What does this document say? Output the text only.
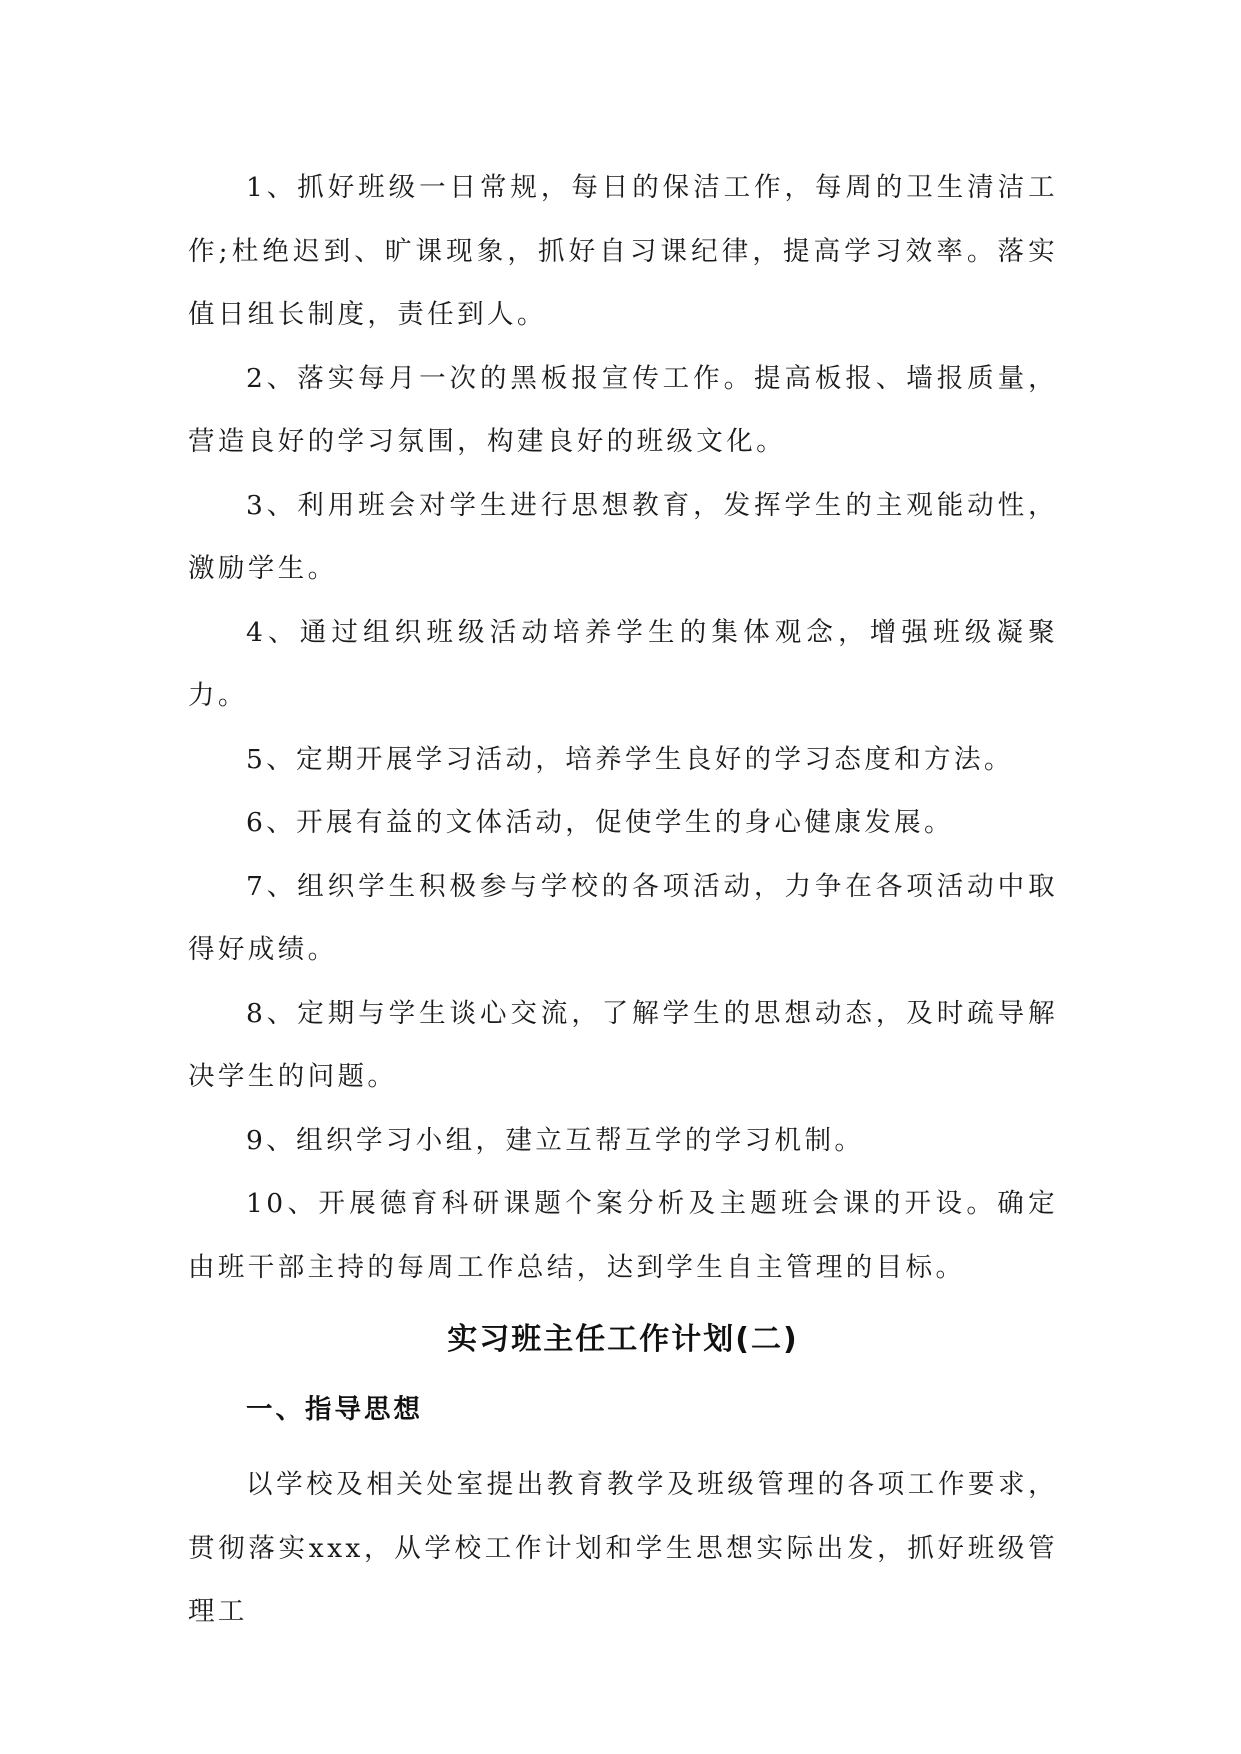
1、抓好班级一日常规，每日的保洁工作，每周的卫生清洁工作;杜绝迟到、旷课现象，抓好自习课纪律，提高学习效率。落实值日组长制度，责任到人。

2、落实每月一次的黑板报宣传工作。提高板报、墙报质量，营造良好的学习氛围，构建良好的班级文化。

3、利用班会对学生进行思想教育，发挥学生的主观能动性，激励学生。

4、通过组织班级活动培养学生的集体观念，增强班级凝聚力。

5、定期开展学习活动，培养学生良好的学习态度和方法。

6、开展有益的文体活动，促使学生的身心健康发展。

7、组织学生积极参与学校的各项活动，力争在各项活动中取得好成绩。

8、定期与学生谈心交流，了解学生的思想动态，及时疏导解决学生的问题。

9、组织学习小组，建立互帮互学的学习机制。

10、开展德育科研课题个案分析及主题班会课的开设。确定由班干部主持的每周工作总结，达到学生自主管理的目标。

实习班主任工作计划(二)
一、指导思想

以学校及相关处室提出教育教学及班级管理的各项工作要求，贯彻落实xxx，从学校工作计划和学生思想实际出发，抓好班级管理工
